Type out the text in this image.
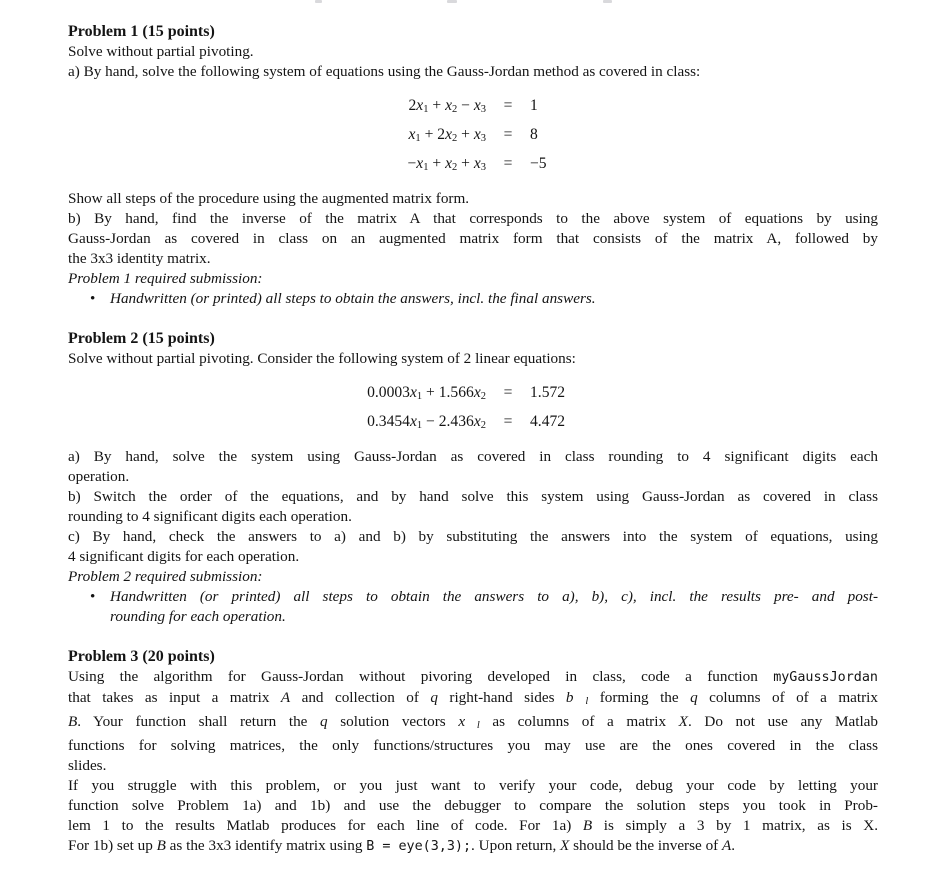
Problem 1 (15 points)
Solve without partial pivoting.
a) By hand, solve the following system of equations using the Gauss-Jordan method as covered in class:
2x1 + x2 − x3	=	1
x1 + 2x2 + x3	=	8
−x1 + x2 + x3	=	−5
Show all steps of the procedure using the augmented matrix form.
b) By hand, find the inverse of the matrix A that corresponds to the above system of equations by using
Gauss-Jordan as covered in class on an augmented matrix form that consists of the matrix A, followed by
the 3x3 identity matrix.
Problem 1 required submission:
• Handwritten (or printed) all steps to obtain the answers, incl. the final answers.
Problem 2 (15 points)
Solve without partial pivoting. Consider the following system of 2 linear equations:
0.0003x1 + 1.566x2	=	1.572
0.3454x1 − 2.436x2	=	4.472
a) By hand, solve the system using Gauss-Jordan as covered in class rounding to 4 significant digits each
operation.
b) Switch the order of the equations, and by hand solve this system using Gauss-Jordan as covered in class
rounding to 4 significant digits each operation.
c) By hand, check the answers to a) and b) by substituting the answers into the system of equations, using
4 significant digits for each operation.
Problem 2 required submission:
• Handwritten (or printed) all steps to obtain the answers to a), b), c), incl. the results pre- and post-
rounding for each operation.
Problem 3 (20 points)
Using the algorithm for Gauss-Jordan without pivoring developed in class, code a function myGaussJordan
that takes as input a matrix A and collection of q right-hand sides b⃗l forming the q columns of of a matrix
B. Your function shall return the q solution vectors x⃗l as columns of a matrix X. Do not use any Matlab
functions for solving matrices, the only functions/structures you may use are the ones covered in the class
slides.
If you struggle with this problem, or you just want to verify your code, debug your code by letting your
function solve Problem 1a) and 1b) and use the debugger to compare the solution steps you took in Prob-
lem 1 to the results Matlab produces for each line of code. For 1a) B is simply a 3 by 1 matrix, as is X.
For 1b) set up B as the 3x3 identify matrix using B = eye(3,3);. Upon return, X should be the inverse of A.
